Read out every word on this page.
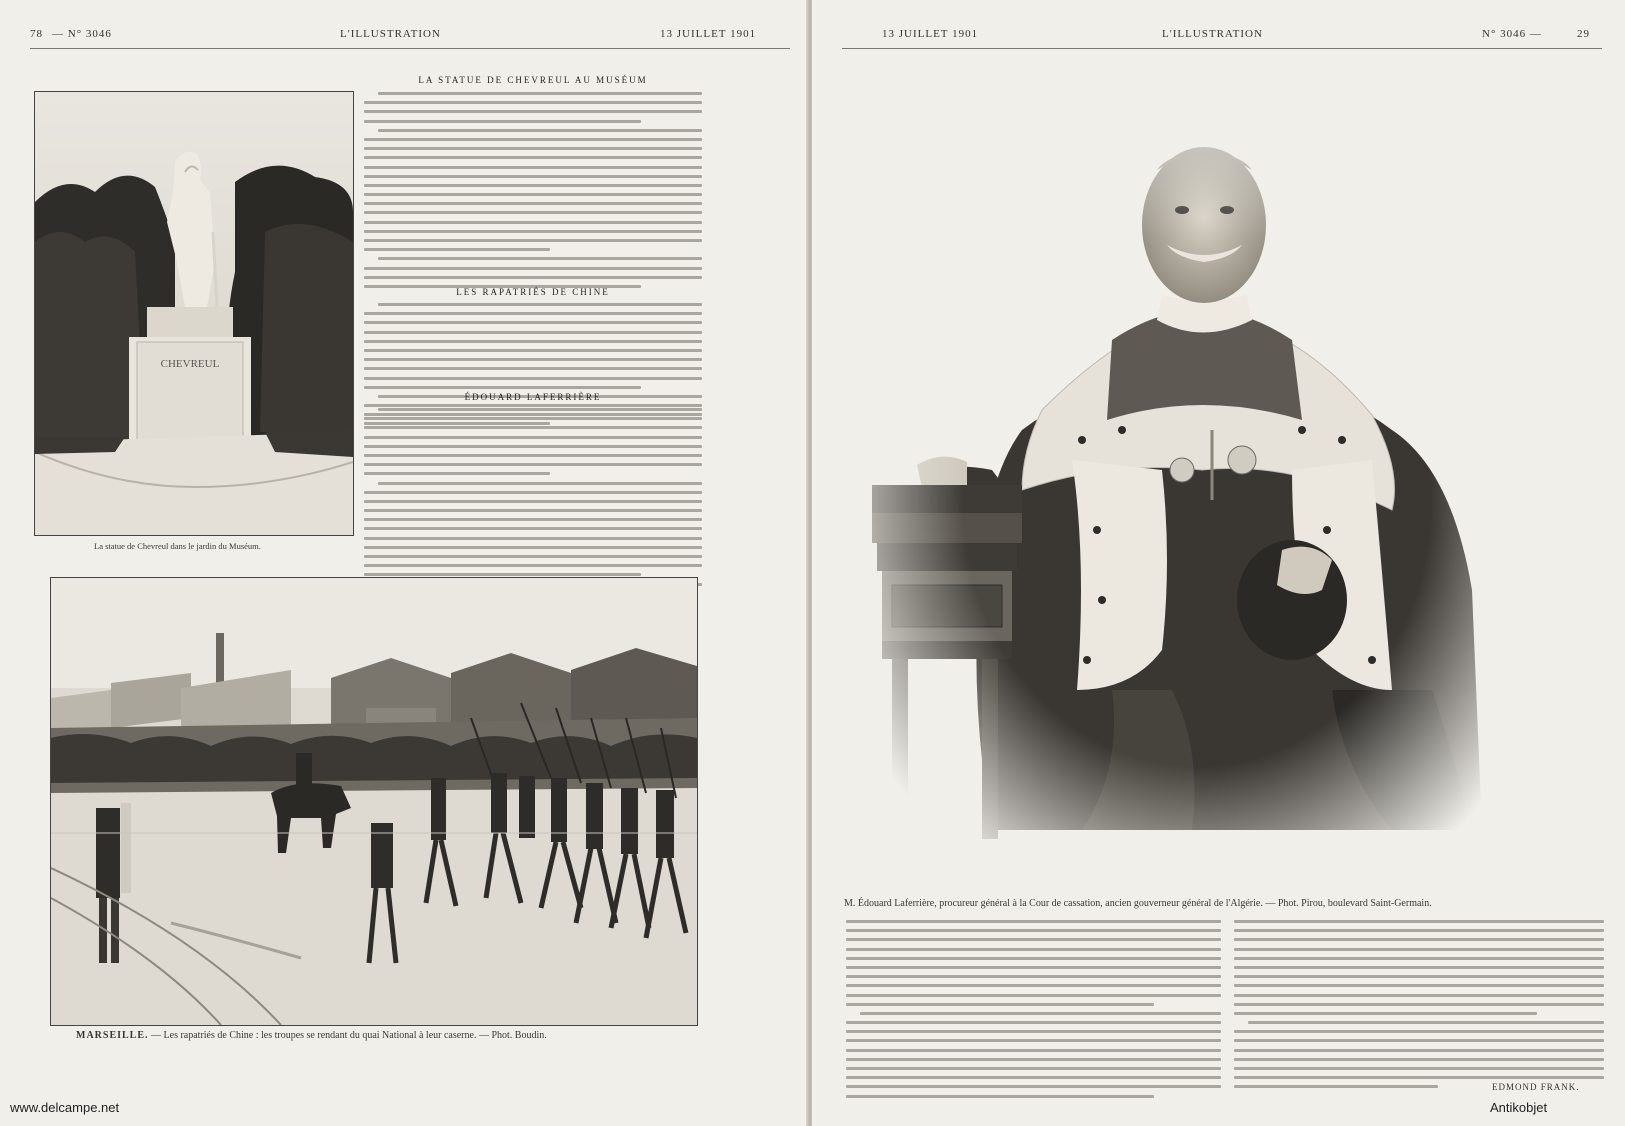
78 — N° 3046	L'ILLUSTRATION	13 JUILLET 1901
CHEVREUL
La statue de Chevreul dans le jardin du Muséum.
LA STATUE DE CHEVREUL AU MUSÉUM
LES RAPATRIÉS DE CHINE
ÉDOUARD LAFERRIÈRE
MARSEILLE. — Les rapatriés de Chine : les troupes se rendant du quai National à leur caserne. — Phot. Boudin.
13 JUILLET 1901	L'ILLUSTRATION	N° 3046 —	29
M. Édouard Laferrière, procureur général à la Cour de cassation, ancien gouverneur général de l'Algérie. — Phot. Pirou, boulevard Saint-Germain.
EDMOND FRANK.
www.delcampe.net	Antikobjet
